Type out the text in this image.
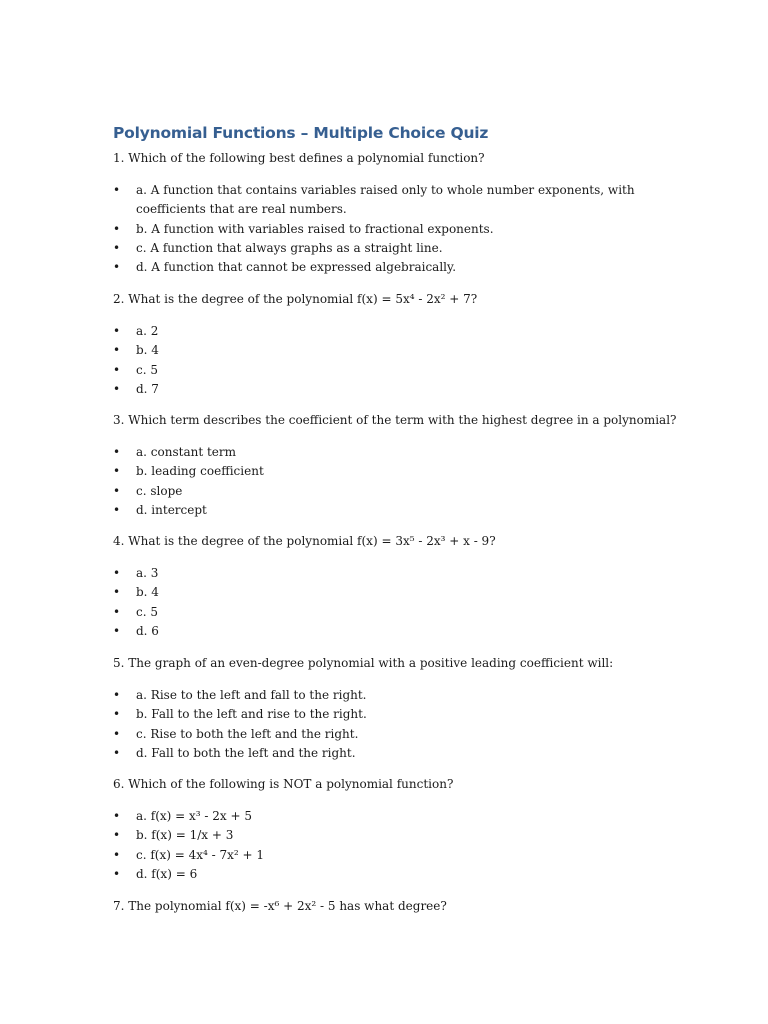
Polynomial Functions – Multiple Choice Quiz

1. Which of the following best defines a polynomial function?

• a. A function that contains variables raised only to whole number exponents, with coefficients that are real numbers.
• b. A function with variables raised to fractional exponents.
• c. A function that always graphs as a straight line.
• d. A function that cannot be expressed algebraically.

2. What is the degree of the polynomial f(x) = 5x⁴ - 2x² + 7?

• a. 2
• b. 4
• c. 5
• d. 7

3. Which term describes the coefficient of the term with the highest degree in a polynomial?

• a. constant term
• b. leading coefficient
• c. slope
• d. intercept

4. What is the degree of the polynomial f(x) = 3x⁵ - 2x³ + x - 9?

• a. 3
• b. 4
• c. 5
• d. 6

5. The graph of an even-degree polynomial with a positive leading coefficient will:

• a. Rise to the left and fall to the right.
• b. Fall to the left and rise to the right.
• c. Rise to both the left and the right.
• d. Fall to both the left and the right.

6. Which of the following is NOT a polynomial function?

• a. f(x) = x³ - 2x + 5
• b. f(x) = 1/x + 3
• c. f(x) = 4x⁴ - 7x² + 1
• d. f(x) = 6

7. The polynomial f(x) = -x⁶ + 2x² - 5 has what degree?
